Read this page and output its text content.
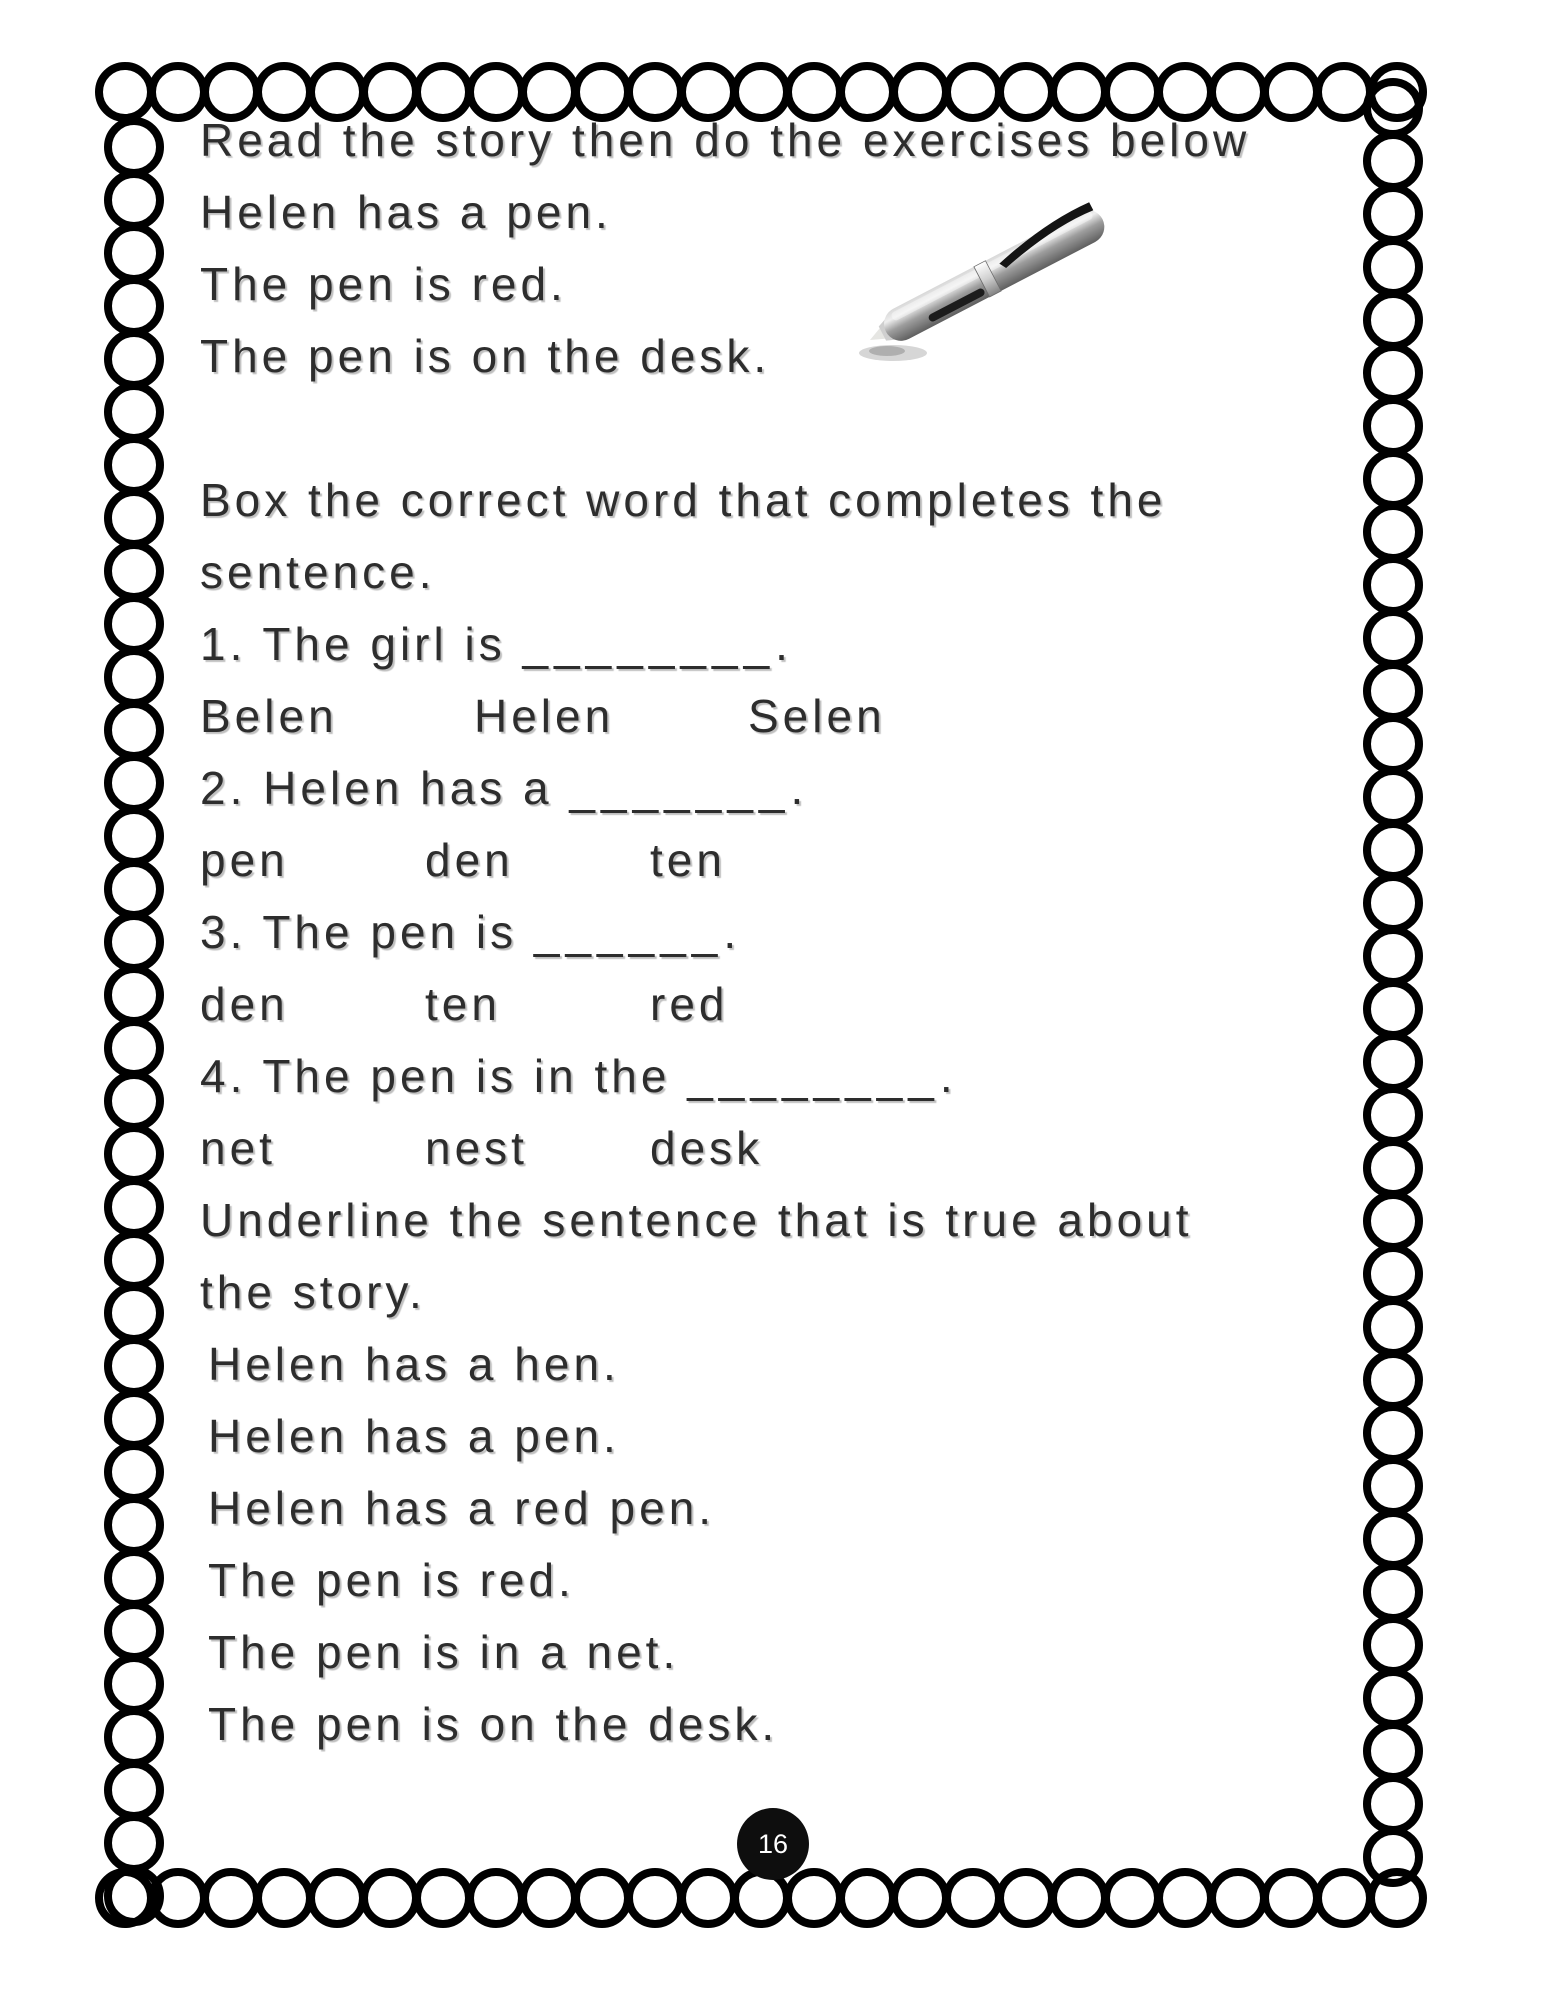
Read the story then do the exercises below
Helen has a pen.
The pen is red.
The pen is on the desk.
Box the correct word that completes the
sentence.
1. The girl is ________.
Belen	Helen	Selen
2. Helen has a _______.
pen	den	ten
3. The pen is ______.
den	ten	red
4. The pen is in the ________.
net	nest	desk
Underline the sentence that is true about
the story.
Helen has a hen.
Helen has a pen.
Helen has a red pen.
The pen is red.
The pen is in a net.
The pen is on the desk.
16
